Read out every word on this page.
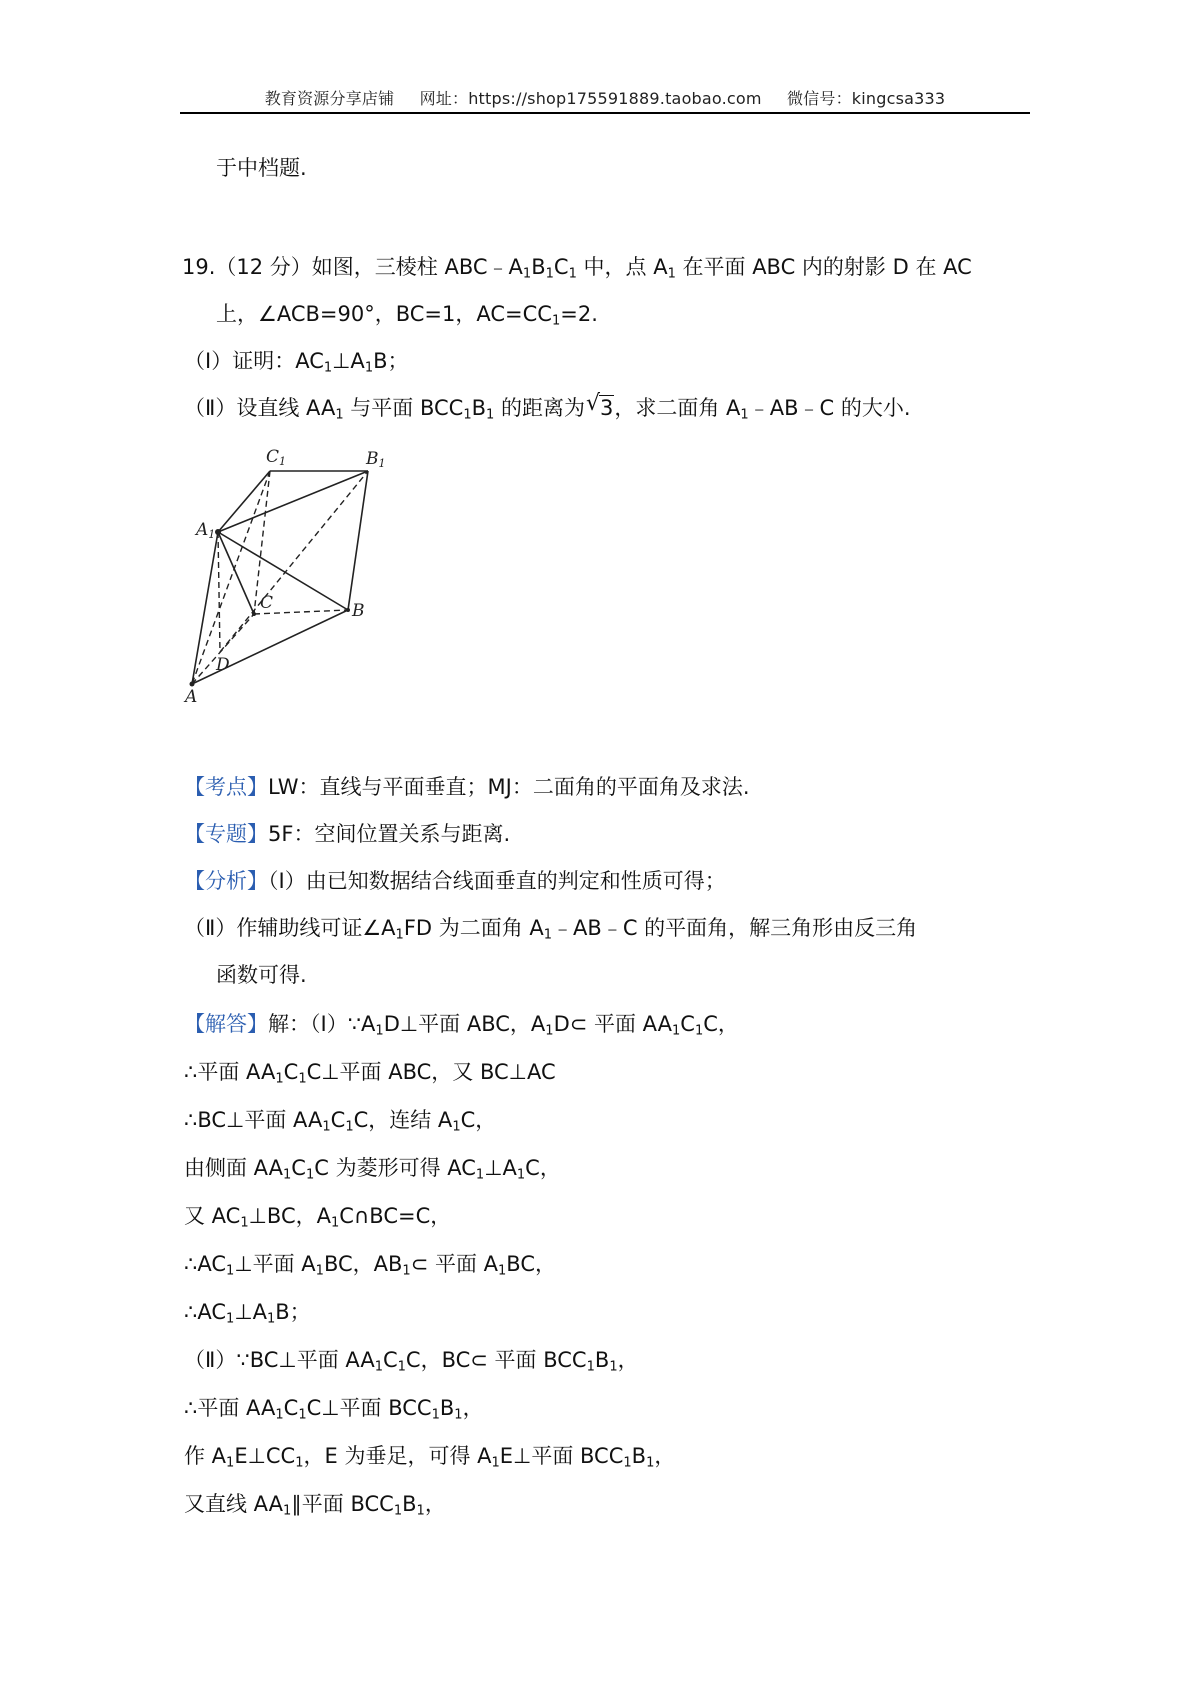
教育资源分享店铺 网址：https://shop175591889.taobao.com 微信号：kingcsa333
于中档题.
19.（12 分）如图，三棱柱 $ABC﹣A_1B_1C_1$ 中，点 $A_1$ 在平面 ABC 内的射影 D 在 AC
上，∠ACB=90°，BC=1，$AC=CC_1=2$.
（Ⅰ）证明：$AC_1\perp A_1B$；
（Ⅱ）设直线 $AA_1$ 与平面 $BCC_1B_1$ 的距离为 √ 3，求二面角 $A_1﹣AB﹣C$ 的大小.
C1	B1
A1
C	B
D
A
【考点】LW：直线与平面垂直；MJ：二面角的平面角及求法.
【专题】5F：空间位置关系与距离.
【分析】（Ⅰ）由已知数据结合线面垂直的判定和性质可得；
（Ⅱ）作辅助线可证$\angle A_1FD$ 为二面角 $A_1﹣AB﹣C$ 的平面角，解三角形由反三角
函数可得.
【解答】解：$(Ⅰ)\because A_1D\perp$平面 ABC，$A_1D\subset$ 平面 $AA_1C_1C$，
∴平面 $AA_1C_1C\perp$平面 ABC，又 BC⊥AC
∴BC⊥平面 $AA_1C_1C$，连结 $A_1C$，
由侧面 $AA_1C_1C$ 为菱形可得 $AC_1\perp A_1C$，
又 $AC_1\perp BC$，$A_1C\cap BC=C$，
$\therefore AC_1\perp$平面 $A_1BC$，$AB_1\subset$ 平面 $A_1BC$，
$\therefore AC_1\perp A_1B$；
（Ⅱ）∵BC⊥平面 $AA_1C_1C$，BC⊂ 平面 $BCC_1B_1$，
∴平面 $AA_1C_1C\perp$平面 $BCC_1B_1$，
作 $A_1E\perp CC_1$，E 为垂足，可得 $A_1E\perp$平面 $BCC_1B_1$，
又直线 $AA_1\parallel$平面 $BCC_1B_1$，
